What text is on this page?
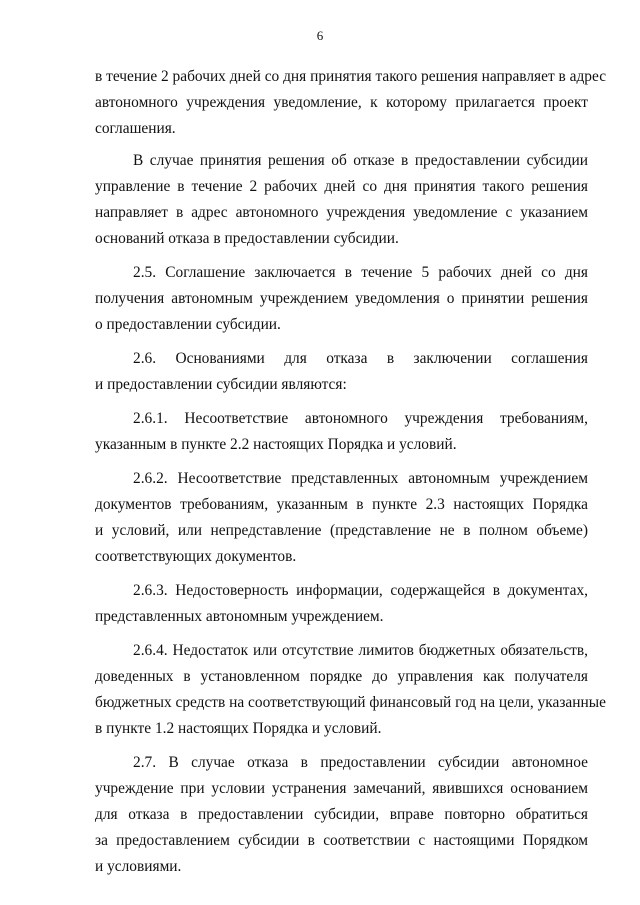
6

в течение 2 рабочих дней со дня принятия такого решения направляет в адрес
автономного учреждения уведомление, к которому прилагается проект
соглашения.

В случае принятия решения об отказе в предоставлении субсидии
управление в течение 2 рабочих дней со дня принятия такого решения
направляет в адрес автономного учреждения уведомление с указанием
оснований отказа в предоставлении субсидии.

2.5. Соглашение заключается в течение 5 рабочих дней со дня
получения автономным учреждением уведомления о принятии решения
о предоставлении субсидии.

2.6. Основаниями для отказа в заключении соглашения
и предоставлении субсидии являются:

2.6.1. Несоответствие автономного учреждения требованиям,
указанным в пункте 2.2 настоящих Порядка и условий.

2.6.2. Несоответствие представленных автономным учреждением
документов требованиям, указанным в пункте 2.3 настоящих Порядка
и условий, или непредставление (представление не в полном объеме)
соответствующих документов.

2.6.3. Недостоверность информации, содержащейся в документах,
представленных автономным учреждением.

2.6.4. Недостаток или отсутствие лимитов бюджетных обязательств,
доведенных в установленном порядке до управления как получателя
бюджетных средств на соответствующий финансовый год на цели, указанные
в пункте 1.2 настоящих Порядка и условий.

2.7. В случае отказа в предоставлении субсидии автономное
учреждение при условии устранения замечаний, явившихся основанием
для отказа в предоставлении субсидии, вправе повторно обратиться
за предоставлением субсидии в соответствии с настоящими Порядком
и условиями.
